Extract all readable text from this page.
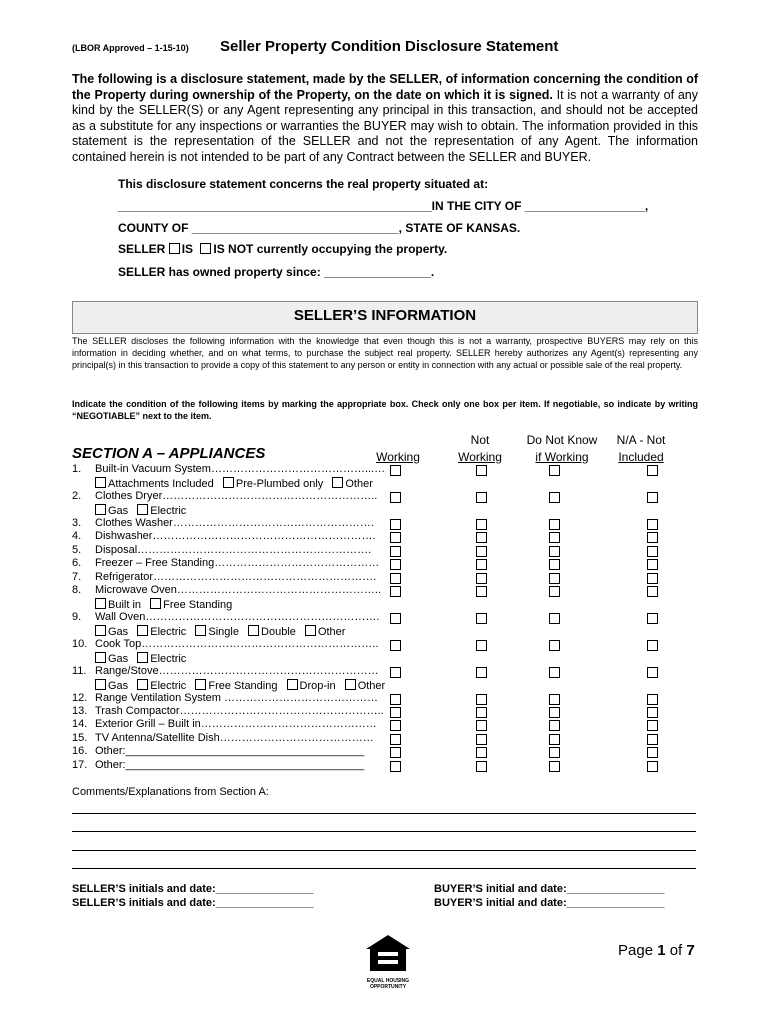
(LBOR Approved – 1-15-10) Seller Property Condition Disclosure Statement
The following is a disclosure statement, made by the SELLER, of information concerning the condition of the Property during ownership of the Property, on the date on which it is signed. It is not a warranty of any kind by the SELLER(S) or any Agent representing any principal in this transaction, and should not be accepted as a substitute for any inspections or warranties the BUYER may wish to obtain. The information provided in this statement is the representation of the SELLER and not the representation of any Agent. The information contained herein is not intended to be part of any Contract between the SELLER and BUYER.
This disclosure statement concerns the real property situated at:
_______________________________________________IN THE CITY OF __________________,
COUNTY OF _______________________________, STATE OF KANSAS.
SELLER IS IS NOT currently occupying the property.
SELLER has owned property since: ________________.
SELLER’S INFORMATION
The SELLER discloses the following information with the knowledge that even though this is not a warranty, prospective BUYERS may rely on this information in deciding whether, and on what terms, to purchase the subject real property. SELLER hereby authorizes any Agent(s) representing any principal(s) in this transaction to provide a copy of this statement to any person or entity in connection with any actual or possible sale of the real property.
Indicate the condition of the following items by marking the appropriate box. Check only one box per item. If negotiable, so indicate by writing “NEGOTIABLE” next to the item.
SECTION A – APPLIANCES	Working
Not
Working
Do Not Know
if Working
N/A - Not
Included
1. Built-in Vacuum System……………………………………...…
2. Clothes Dryer…………………………………………………..
3. Clothes Washer……………………………………………….
4. Dishwasher…………………………………………………….
5. Disposal……………………………………………………….
6. Freezer – Free Standing………………………………………
7. Refrigerator…………………………………………………….
8. Microwave Oven………………………………………………..
9. Wall Oven……………………………………………………….
10. Cook Top………………………………………………………..
11. Range/Stove……………………………………………………
12. Range Ventilation System ……………………………………
13. Trash Compactor………………………………………………..
14. Exterior Grill – Built in…………………………………………
15. TV Antenna/Satellite Dish……………………………………
16. Other:_______________________________________
17. Other:_______________________________________
Attachments Included Pre-Plumbed only Other
Gas Electric
Built in Free Standing
Gas Electric Single Double Other
Gas Electric
Gas Electric Free Standing Drop-in Other
Comments/Explanations from Section A:
SELLER’S initials and date:________________
SELLER’S initials and date:________________
BUYER’S initial and date:________________
BUYER’S initial and date:________________
EQUAL HOUSING
OPPORTUNITY
Page 1 of 7
